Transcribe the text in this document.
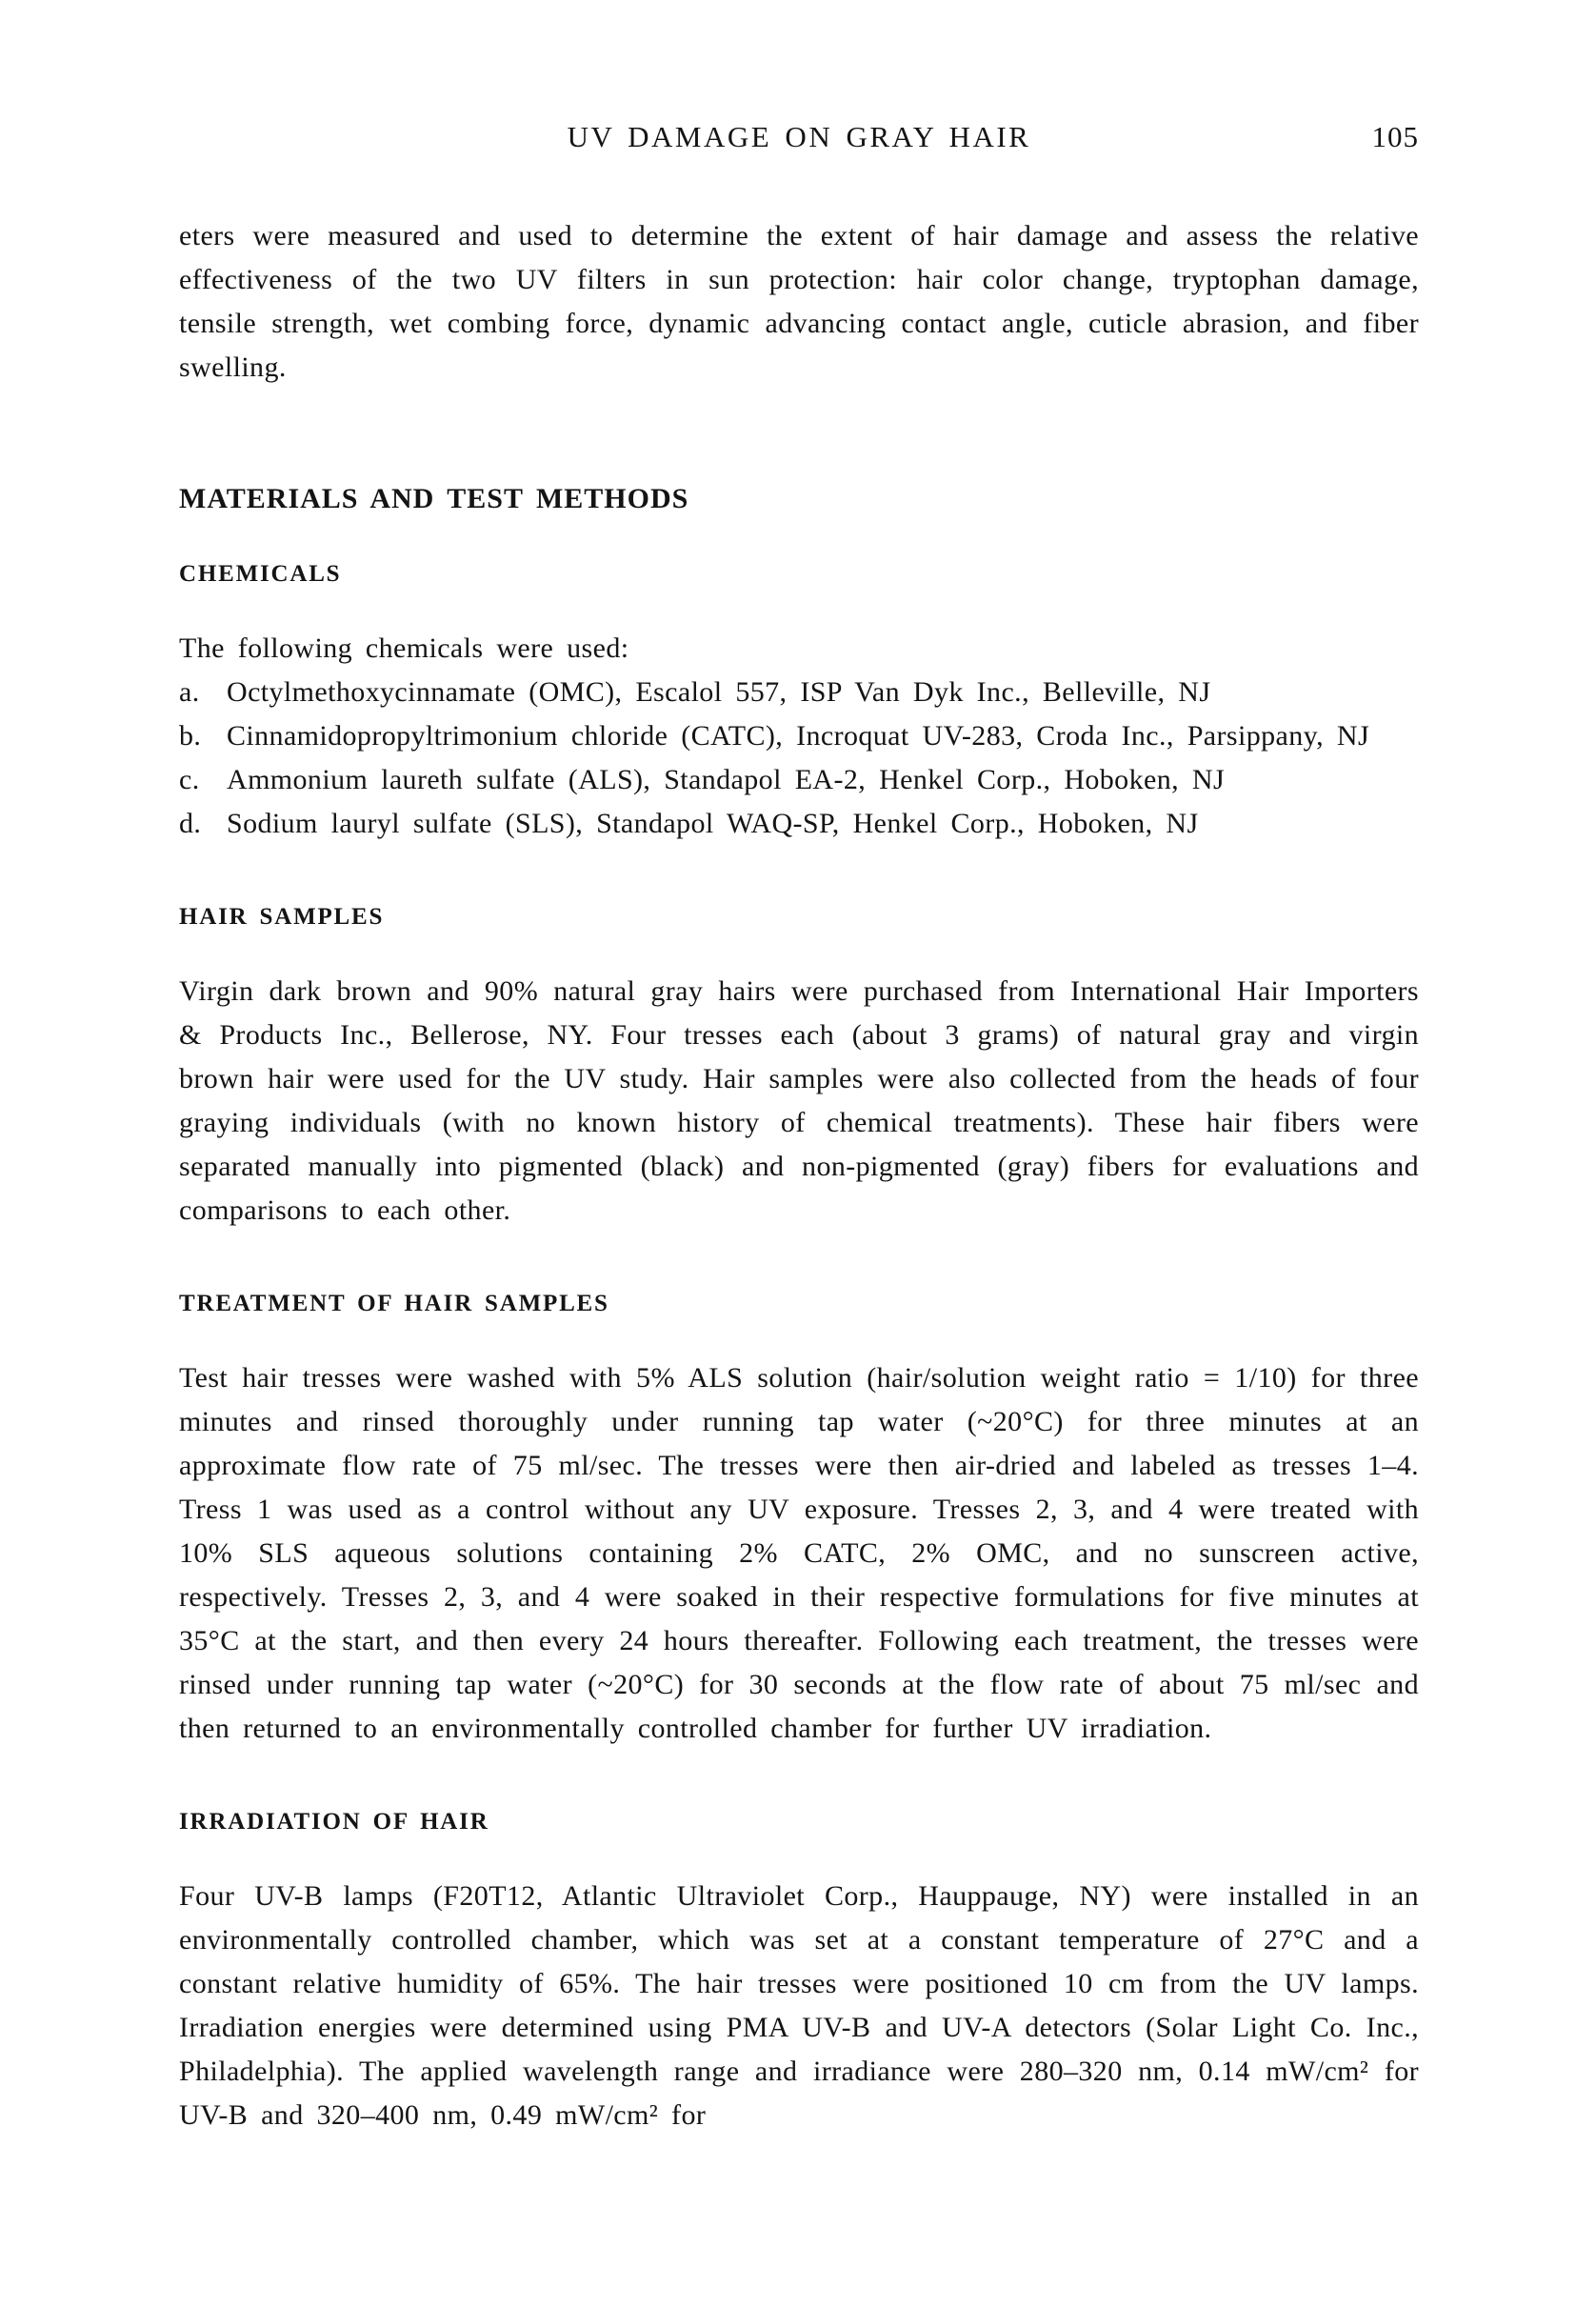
UV DAMAGE ON GRAY HAIR	105

eters were measured and used to determine the extent of hair damage and assess the relative effectiveness of the two UV filters in sun protection: hair color change, tryptophan damage, tensile strength, wet combing force, dynamic advancing contact angle, cuticle abrasion, and fiber swelling.

MATERIALS AND TEST METHODS
CHEMICALS

The following chemicals were used:

a. Octylmethoxycinnamate (OMC), Escalol 557, ISP Van Dyk Inc., Belleville, NJ
b. Cinnamidopropyltrimonium chloride (CATC), Incroquat UV-283, Croda Inc., Parsippany, NJ
c. Ammonium laureth sulfate (ALS), Standapol EA-2, Henkel Corp., Hoboken, NJ
d. Sodium lauryl sulfate (SLS), Standapol WAQ-SP, Henkel Corp., Hoboken, NJ
HAIR SAMPLES

Virgin dark brown and 90% natural gray hairs were purchased from International Hair Importers & Products Inc., Bellerose, NY. Four tresses each (about 3 grams) of natural gray and virgin brown hair were used for the UV study. Hair samples were also collected from the heads of four graying individuals (with no known history of chemical treatments). These hair fibers were separated manually into pigmented (black) and non-pigmented (gray) fibers for evaluations and comparisons to each other.

TREATMENT OF HAIR SAMPLES

Test hair tresses were washed with 5% ALS solution (hair/solution weight ratio = 1/10) for three minutes and rinsed thoroughly under running tap water (~20°C) for three minutes at an approximate flow rate of 75 ml/sec. The tresses were then air-dried and labeled as tresses 1–4. Tress 1 was used as a control without any UV exposure. Tresses 2, 3, and 4 were treated with 10% SLS aqueous solutions containing 2% CATC, 2% OMC, and no sunscreen active, respectively. Tresses 2, 3, and 4 were soaked in their respective formulations for five minutes at 35°C at the start, and then every 24 hours thereafter. Following each treatment, the tresses were rinsed under running tap water (~20°C) for 30 seconds at the flow rate of about 75 ml/sec and then returned to an environmentally controlled chamber for further UV irradiation.

IRRADIATION OF HAIR

Four UV-B lamps (F20T12, Atlantic Ultraviolet Corp., Hauppauge, NY) were installed in an environmentally controlled chamber, which was set at a constant temperature of 27°C and a constant relative humidity of 65%. The hair tresses were positioned 10 cm from the UV lamps. Irradiation energies were determined using PMA UV-B and UV-A detectors (Solar Light Co. Inc., Philadelphia). The applied wavelength range and irradiance were 280–320 nm, 0.14 mW/cm² for UV-B and 320–400 nm, 0.49 mW/cm² for
